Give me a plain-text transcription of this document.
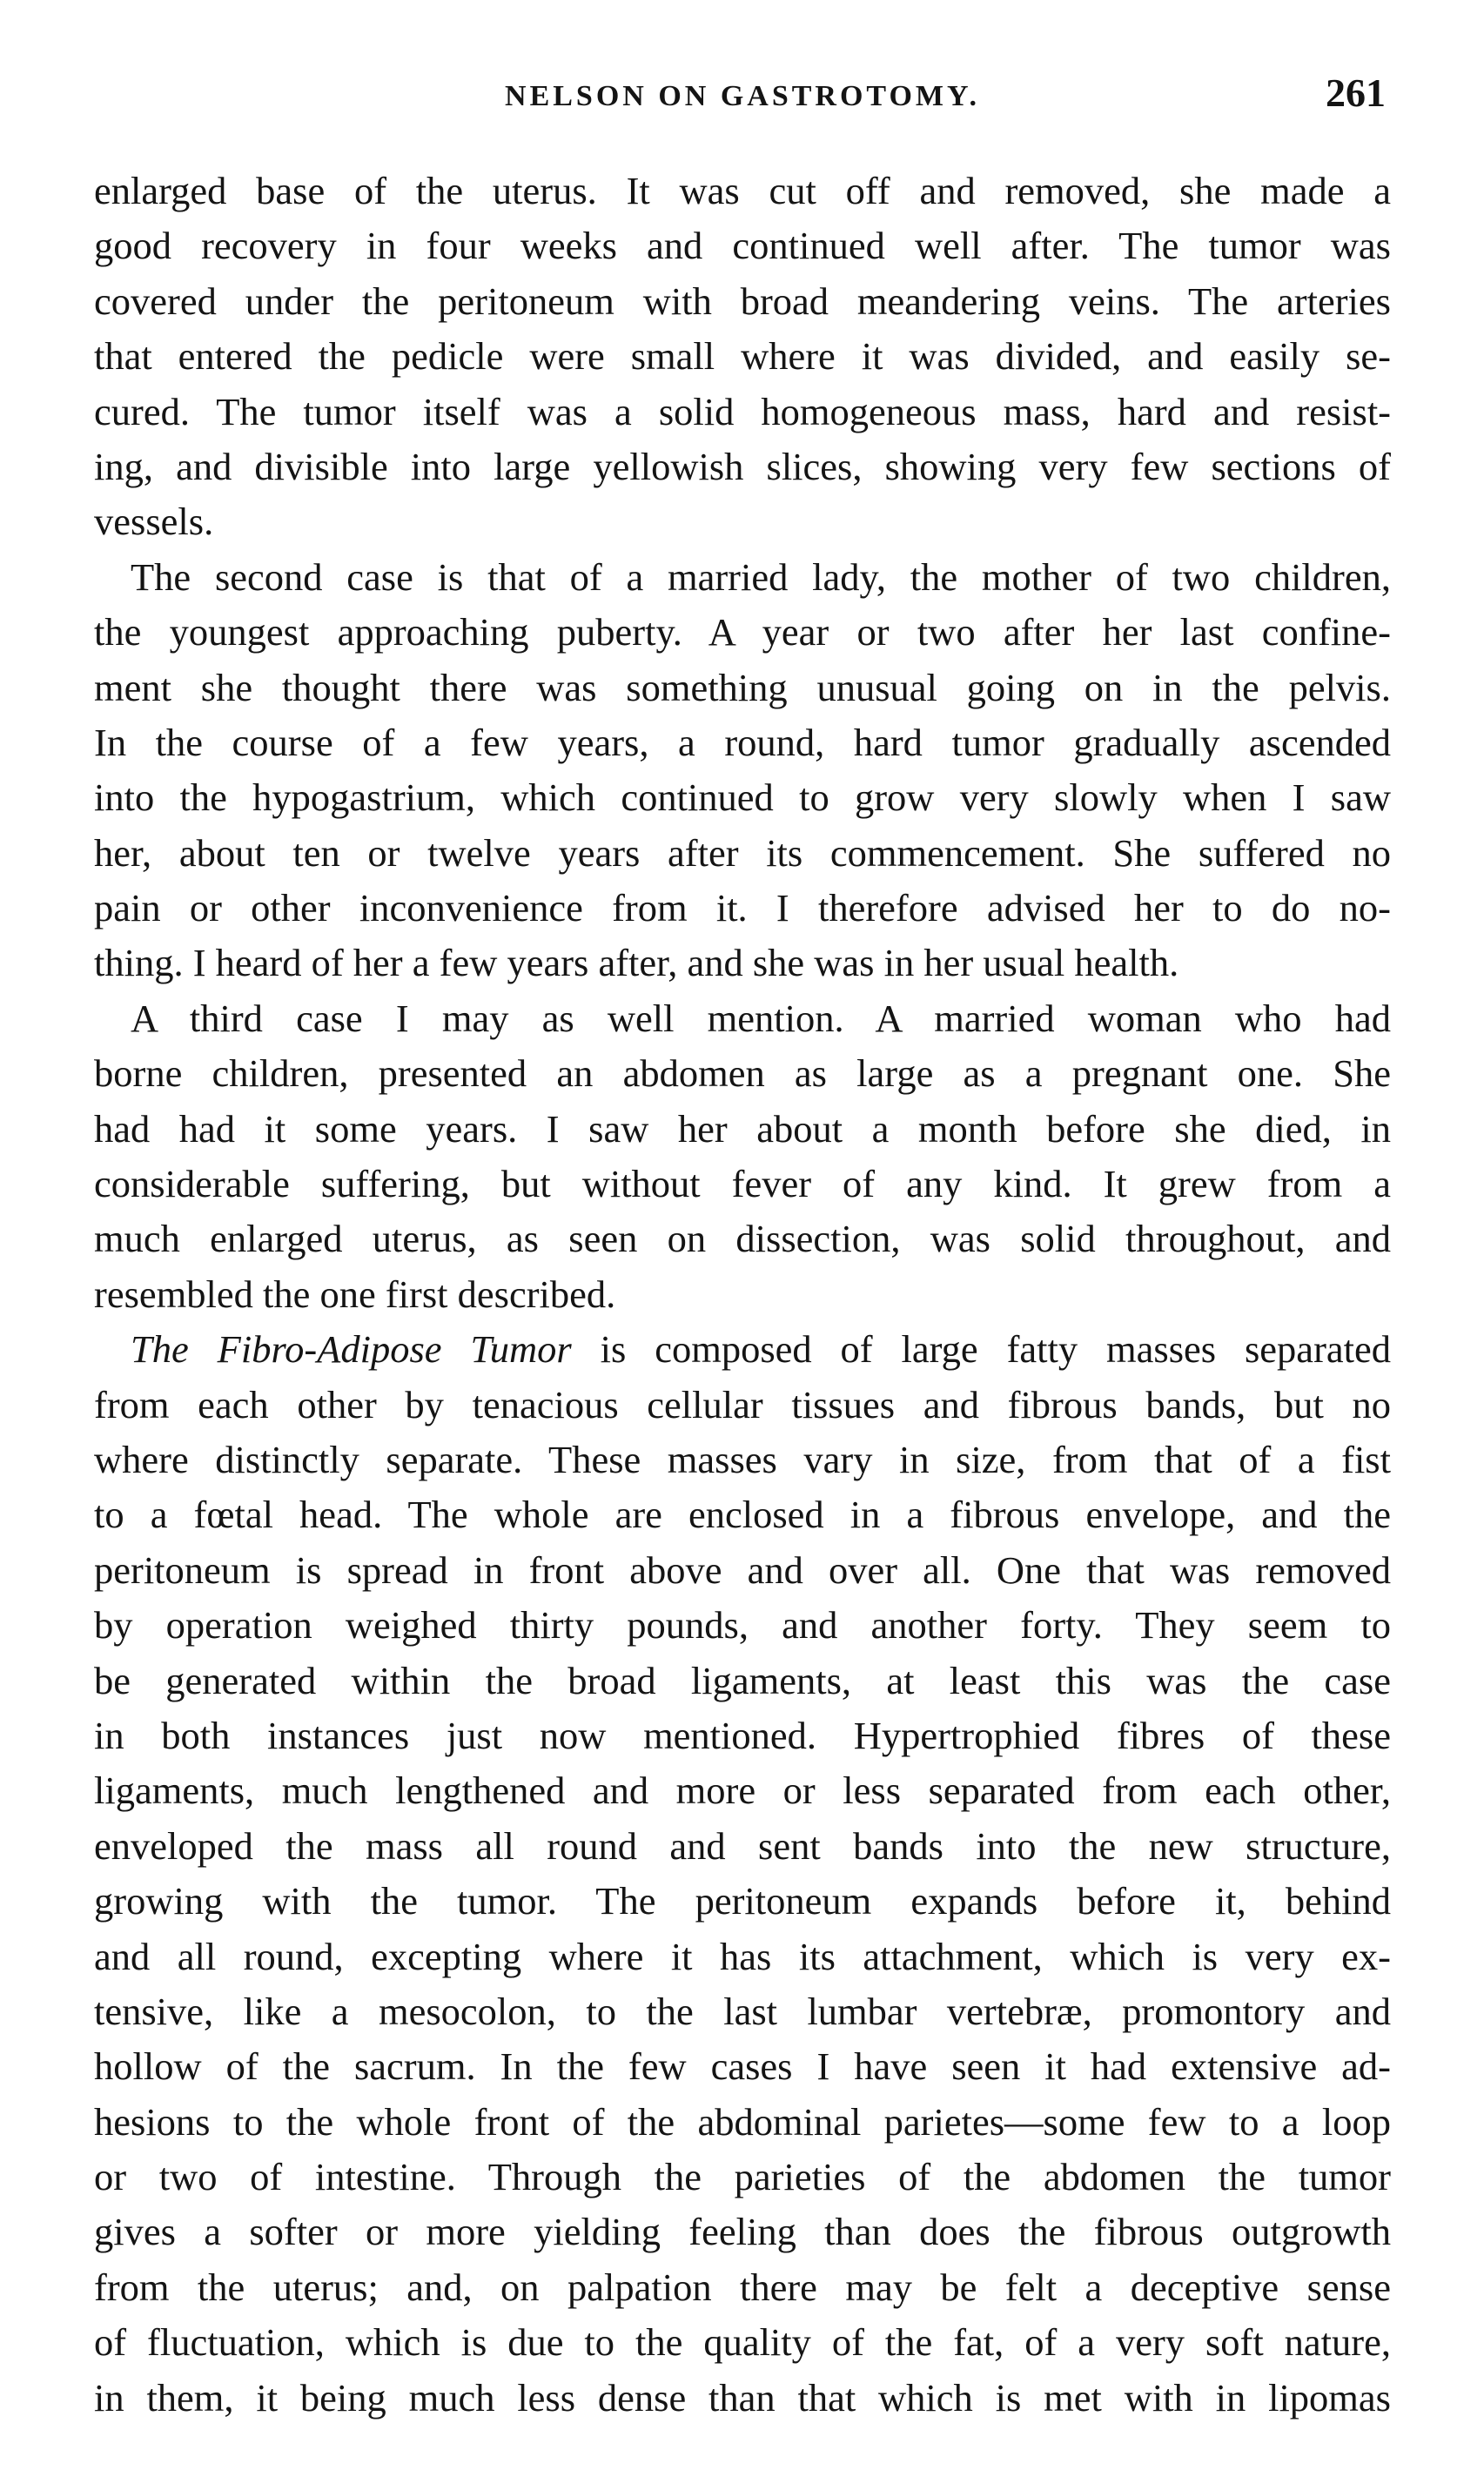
NELSON ON GASTROTOMY.	261
enlarged base of the uterus. It was cut off and removed, she made a
good recovery in four weeks and continued well after. The tumor was
covered under the peritoneum with broad meandering veins. The arteries
that entered the pedicle were small where it was divided, and easily se-
cured. The tumor itself was a solid homogeneous mass, hard and resist-
ing, and divisible into large yellowish slices, showing very few sections of
vessels.
The second case is that of a married lady, the mother of two children,
the youngest approaching puberty. A year or two after her last confine-
ment she thought there was something unusual going on in the pelvis.
In the course of a few years, a round, hard tumor gradually ascended
into the hypogastrium, which continued to grow very slowly when I saw
her, about ten or twelve years after its commencement. She suffered no
pain or other inconvenience from it. I therefore advised her to do no-
thing. I heard of her a few years after, and she was in her usual health.
A third case I may as well mention. A married woman who had
borne children, presented an abdomen as large as a pregnant one. She
had had it some years. I saw her about a month before she died, in
considerable suffering, but without fever of any kind. It grew from a
much enlarged uterus, as seen on dissection, was solid throughout, and
resembled the one first described.
The Fibro-Adipose Tumor is composed of large fatty masses separated
from each other by tenacious cellular tissues and fibrous bands, but no
where distinctly separate. These masses vary in size, from that of a fist
to a fœtal head. The whole are enclosed in a fibrous envelope, and the
peritoneum is spread in front above and over all. One that was removed
by operation weighed thirty pounds, and another forty. They seem to
be generated within the broad ligaments, at least this was the case
in both instances just now mentioned. Hypertrophied fibres of these
ligaments, much lengthened and more or less separated from each other,
enveloped the mass all round and sent bands into the new structure,
growing with the tumor. The peritoneum expands before it, behind
and all round, excepting where it has its attachment, which is very ex-
tensive, like a mesocolon, to the last lumbar vertebræ, promontory and
hollow of the sacrum. In the few cases I have seen it had extensive ad-
hesions to the whole front of the abdominal parietes—some few to a loop
or two of intestine. Through the parieties of the abdomen the tumor
gives a softer or more yielding feeling than does the fibrous outgrowth
from the uterus; and, on palpation there may be felt a deceptive sense
of fluctuation, which is due to the quality of the fat, of a very soft nature,
in them, it being much less dense than that which is met with in lipomas
